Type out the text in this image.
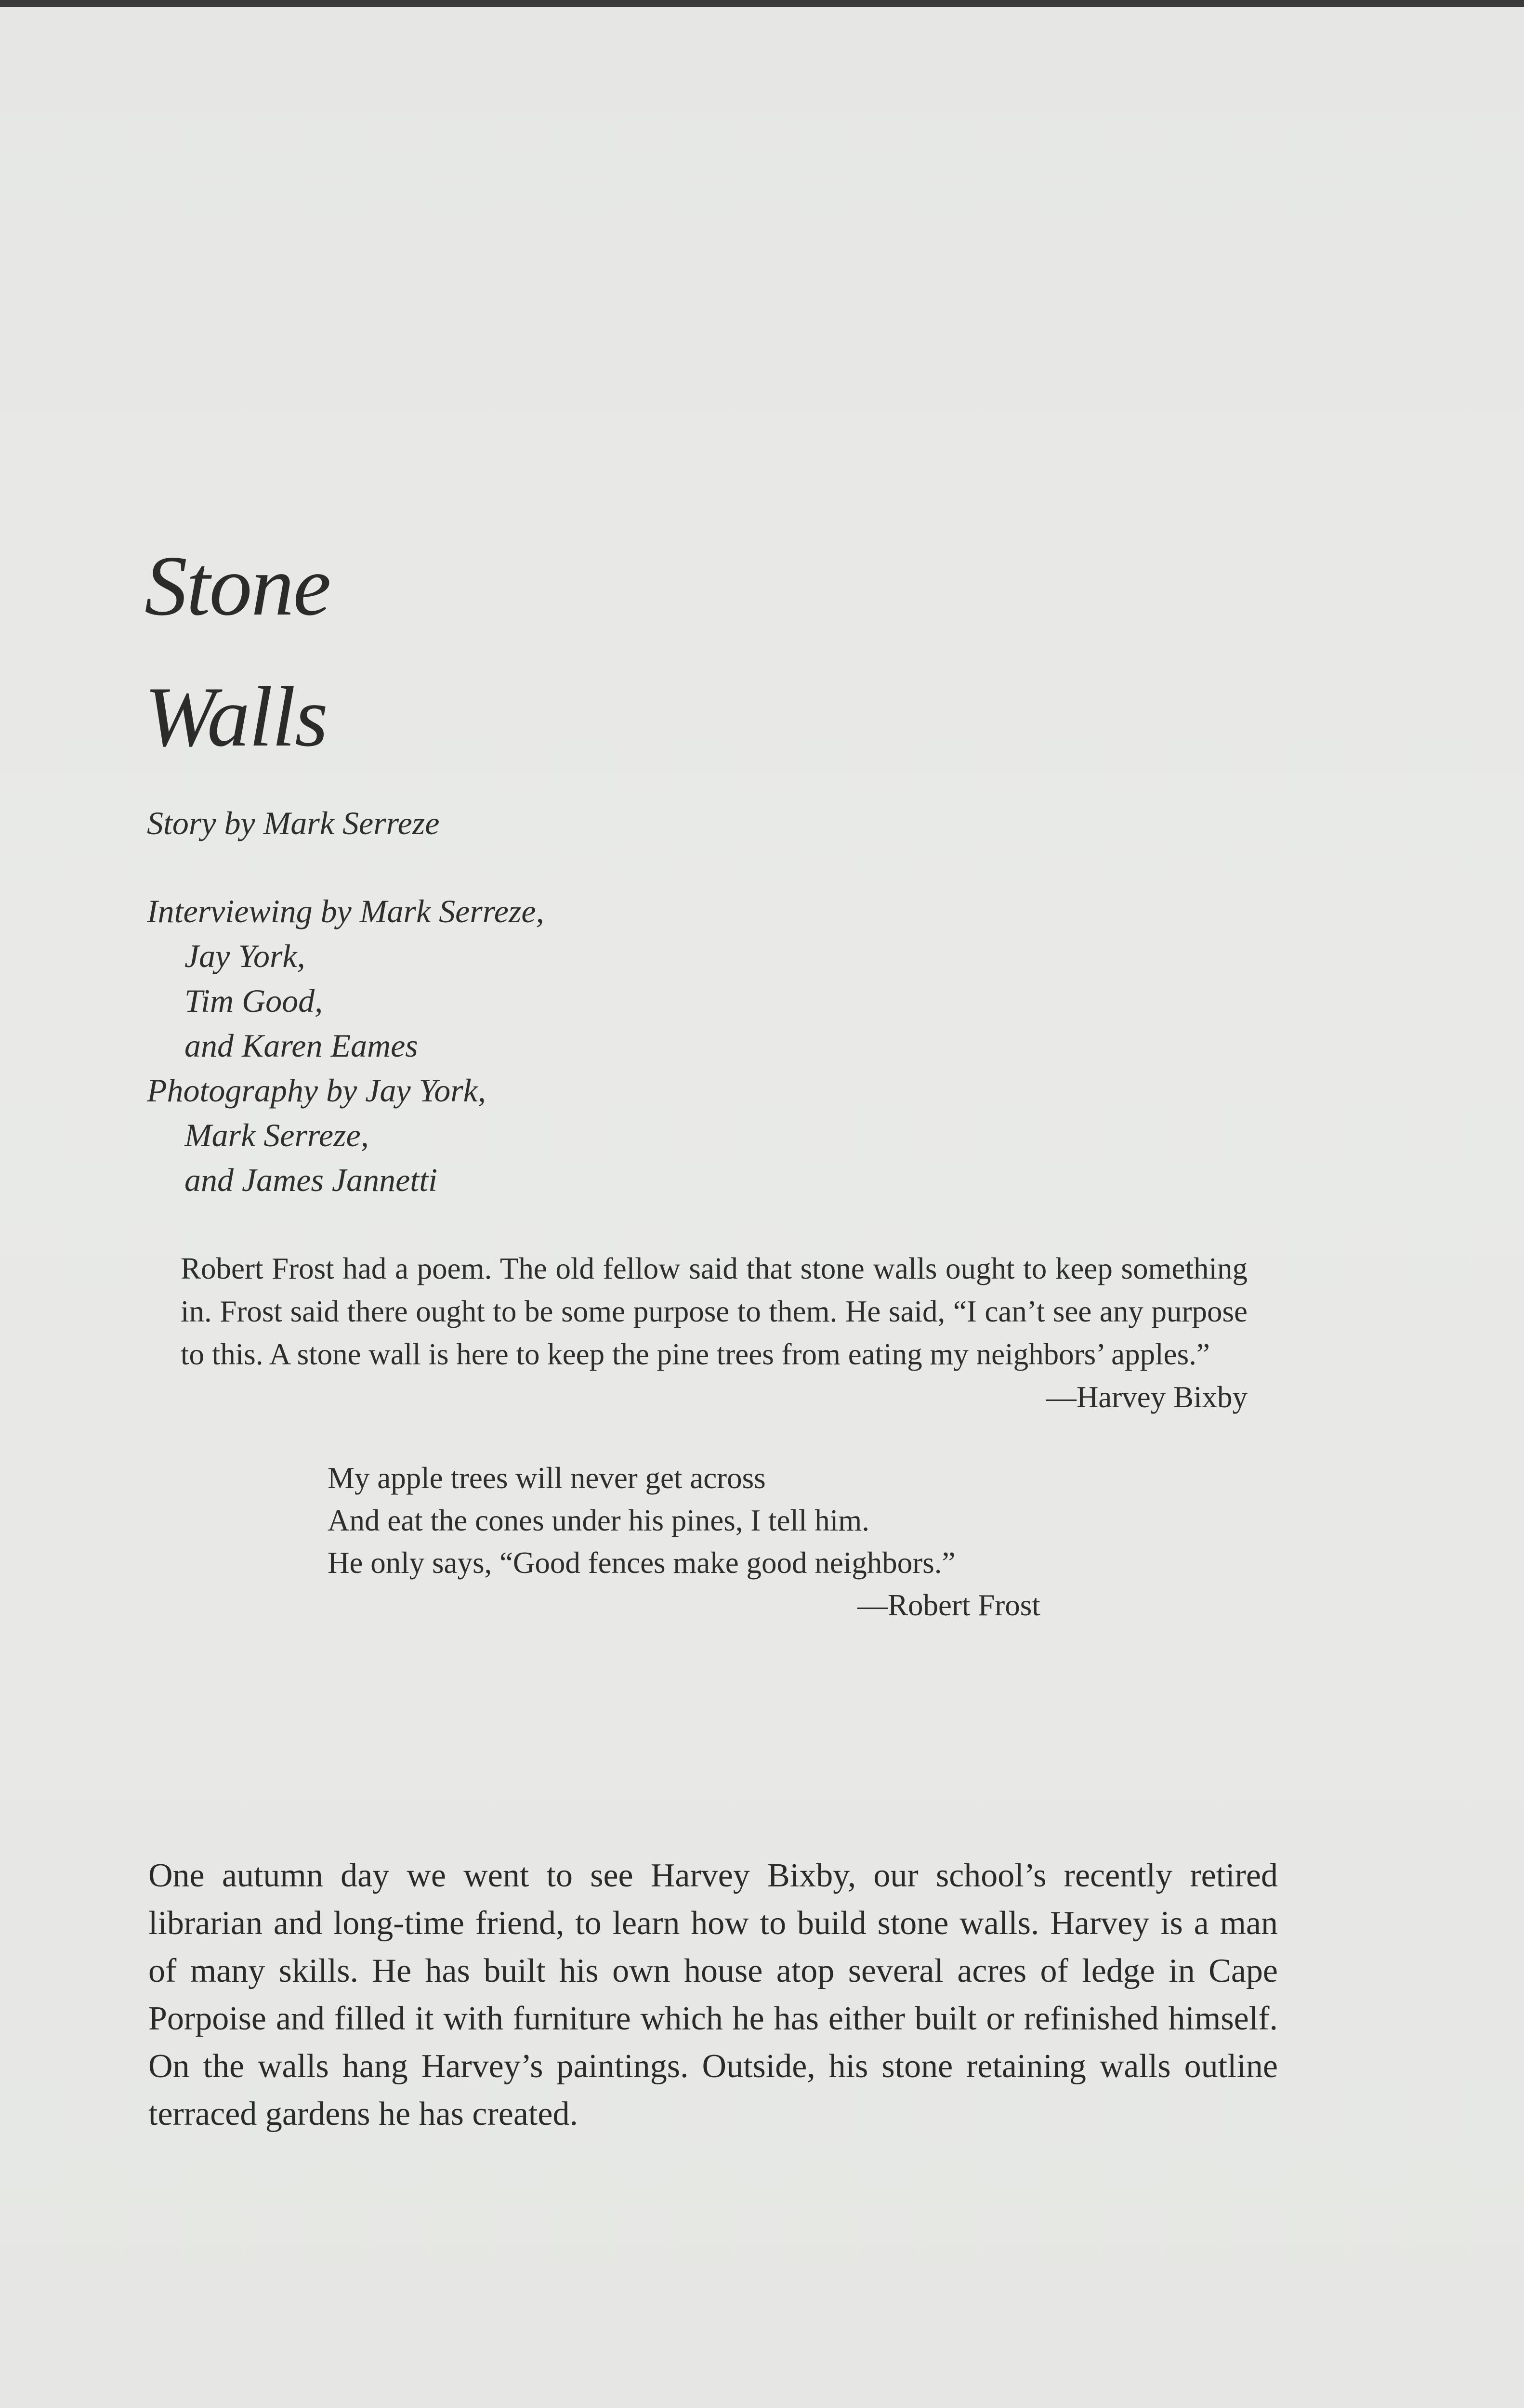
Stone
Walls
Story by Mark Serreze
Interviewing by Mark Serreze,
Jay York,
Tim Good,
and Karen Eames
Photography by Jay York,
Mark Serreze,
and James Jannetti
Robert Frost had a poem. The old fellow said that stone walls ought to keep something in. Frost said there ought to be some purpose to them. He said, “I can’t see any purpose to this. A stone wall is here to keep the pine trees from eating my neighbors’ apples.”
—Harvey Bixby
My apple trees will never get across
And eat the cones under his pines, I tell him.
He only says, “Good fences make good neighbors.”
—Robert Frost

One autumn day we went to see Harvey Bixby, our school’s recently retired librarian and long-time friend, to learn how to build stone walls. Harvey is a man of many skills. He has built his own house atop several acres of ledge in Cape Porpoise and filled it with furniture which he has either built or refinished himself. On the walls hang Harvey’s paintings. Outside, his stone retaining walls outline terraced gardens he has created.
